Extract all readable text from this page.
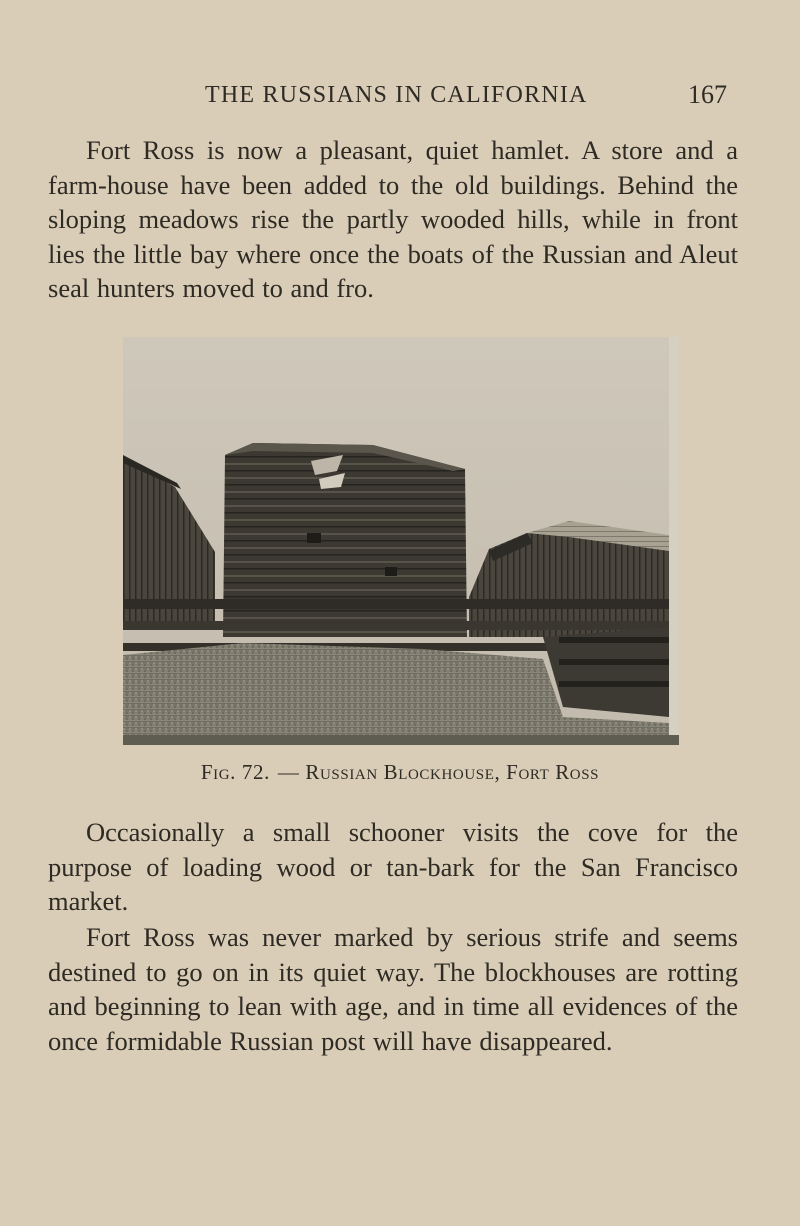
THE RUSSIANS IN CALIFORNIA	167

Fort Ross is now a pleasant, quiet hamlet. A store and a farm-house have been added to the old buildings. Behind the sloping meadows rise the partly wooded hills, while in front lies the little bay where once the boats of the Russian and Aleut seal hunters moved to and fro.

Fig. 72. — Russian Blockhouse, Fort Ross

Occasionally a small schooner visits the cove for the purpose of loading wood or tan-bark for the San Francisco market.

Fort Ross was never marked by serious strife and seems destined to go on in its quiet way. The blockhouses are rotting and beginning to lean with age, and in time all evidences of the once formidable Russian post will have disappeared.
